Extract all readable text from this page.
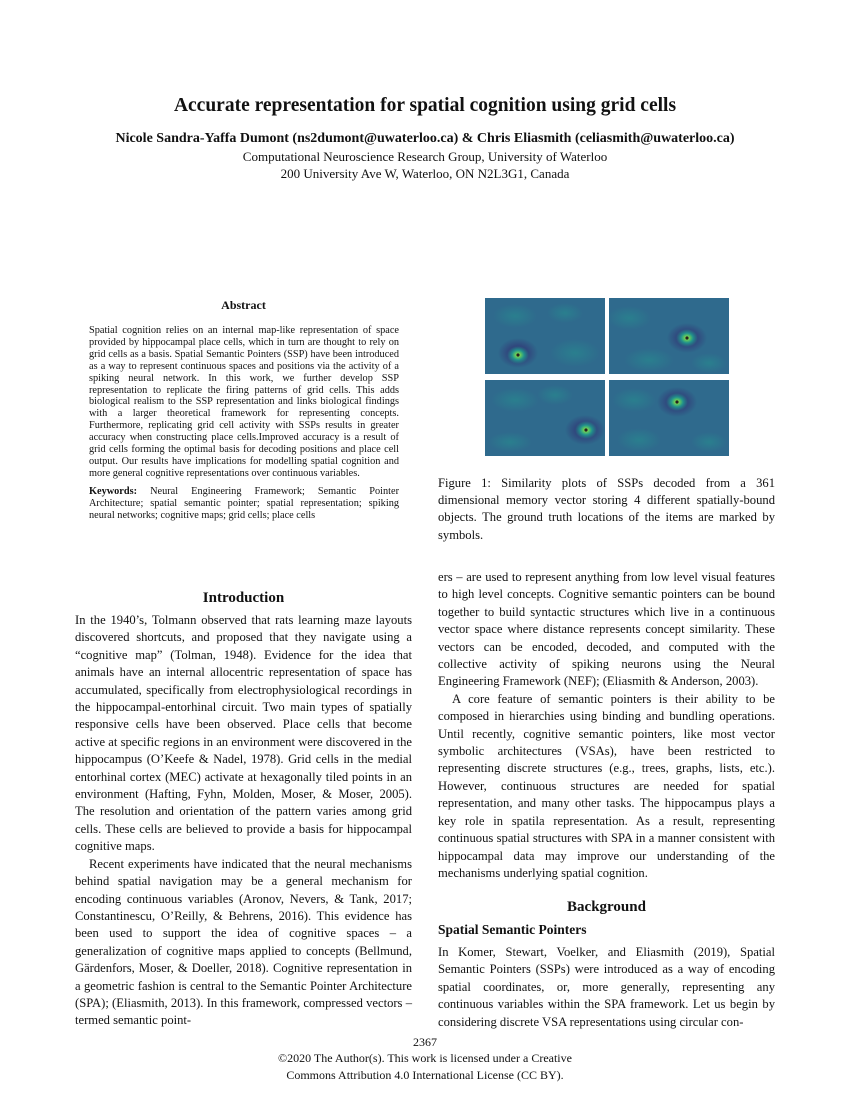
Accurate representation for spatial cognition using grid cells
Nicole Sandra-Yaffa Dumont (ns2dumont@uwaterloo.ca) & Chris Eliasmith (celiasmith@uwaterloo.ca)
Computational Neuroscience Research Group, University of Waterloo
200 University Ave W, Waterloo, ON N2L3G1, Canada
Abstract

Spatial cognition relies on an internal map-like representation of space provided by hippocampal place cells, which in turn are thought to rely on grid cells as a basis. Spatial Semantic Pointers (SSP) have been introduced as a way to represent continuous spaces and positions via the activity of a spiking neural network. In this work, we further develop SSP representation to replicate the firing patterns of grid cells. This adds biological realism to the SSP representation and links biological findings with a larger theoretical framework for representing concepts. Furthermore, replicating grid cell activity with SSPs results in greater accuracy when constructing place cells.Improved accuracy is a result of grid cells forming the optimal basis for decoding positions and place cell output. Our results have implications for modelling spatial cognition and more general cognitive representations over continuous variables.

Keywords: Neural Engineering Framework; Semantic Pointer Architecture; spatial semantic pointer; spatial representation; spiking neural networks; cognitive maps; grid cells; place cells

Introduction

In the 1940’s, Tolmann observed that rats learning maze layouts discovered shortcuts, and proposed that they navigate using a “cognitive map” (Tolman, 1948). Evidence for the idea that animals have an internal allocentric representation of space has accumulated, specifically from electrophysiological recordings in the hippocampal-entorhinal circuit. Two main types of spatially responsive cells have been observed. Place cells that become active at specific regions in an environment were discovered in the hippocampus (O’Keefe & Nadel, 1978). Grid cells in the medial entorhinal cortex (MEC) activate at hexagonally tiled points in an environment (Hafting, Fyhn, Molden, Moser, & Moser, 2005). The resolution and orientation of the pattern varies among grid cells. These cells are believed to provide a basis for hippocampal cognitive maps.

Recent experiments have indicated that the neural mechanisms behind spatial navigation may be a general mechanism for encoding continuous variables (Aronov, Nevers, & Tank, 2017; Constantinescu, O’Reilly, & Behrens, 2016). This evidence has been used to support the idea of cognitive spaces – a generalization of cognitive maps applied to concepts (Bellmund, Gärdenfors, Moser, & Doeller, 2018). Cognitive representation in a geometric fashion is central to the Semantic Pointer Architecture (SPA); (Eliasmith, 2013). In this framework, compressed vectors – termed semantic point-

Figure 1: Similarity plots of SSPs decoded from a 361 dimensional memory vector storing 4 different spatially-bound objects. The ground truth locations of the items are marked by symbols.

ers – are used to represent anything from low level visual features to high level concepts. Cognitive semantic pointers can be bound together to build syntactic structures which live in a continuous vector space where distance represents concept similarity. These vectors can be encoded, decoded, and computed with the collective activity of spiking neurons using the Neural Engineering Framework (NEF); (Eliasmith & Anderson, 2003).

A core feature of semantic pointers is their ability to be composed in hierarchies using binding and bundling operations. Until recently, cognitive semantic pointers, like most vector symbolic architectures (VSAs), have been restricted to representing discrete structures (e.g., trees, graphs, lists, etc.). However, continuous structures are needed for spatial representation, and many other tasks. The hippocampus plays a key role in spatila representation. As a result, representing continuous spatial structures with SPA in a manner consistent with hippocampal data may improve our understanding of the mechanisms underlying spatial cognition.

Background
Spatial Semantic Pointers
In Komer, Stewart, Voelker, and Eliasmith (2019), Spatial Semantic Pointers (SSPs) were introduced as a way of encoding spatial coordinates, or, more generally, representing any continuous variables within the SPA framework. Let us begin by considering discrete VSA representations using circular con-
2367
©2020 The Author(s). This work is licensed under a Creative
Commons Attribution 4.0 International License (CC BY).
